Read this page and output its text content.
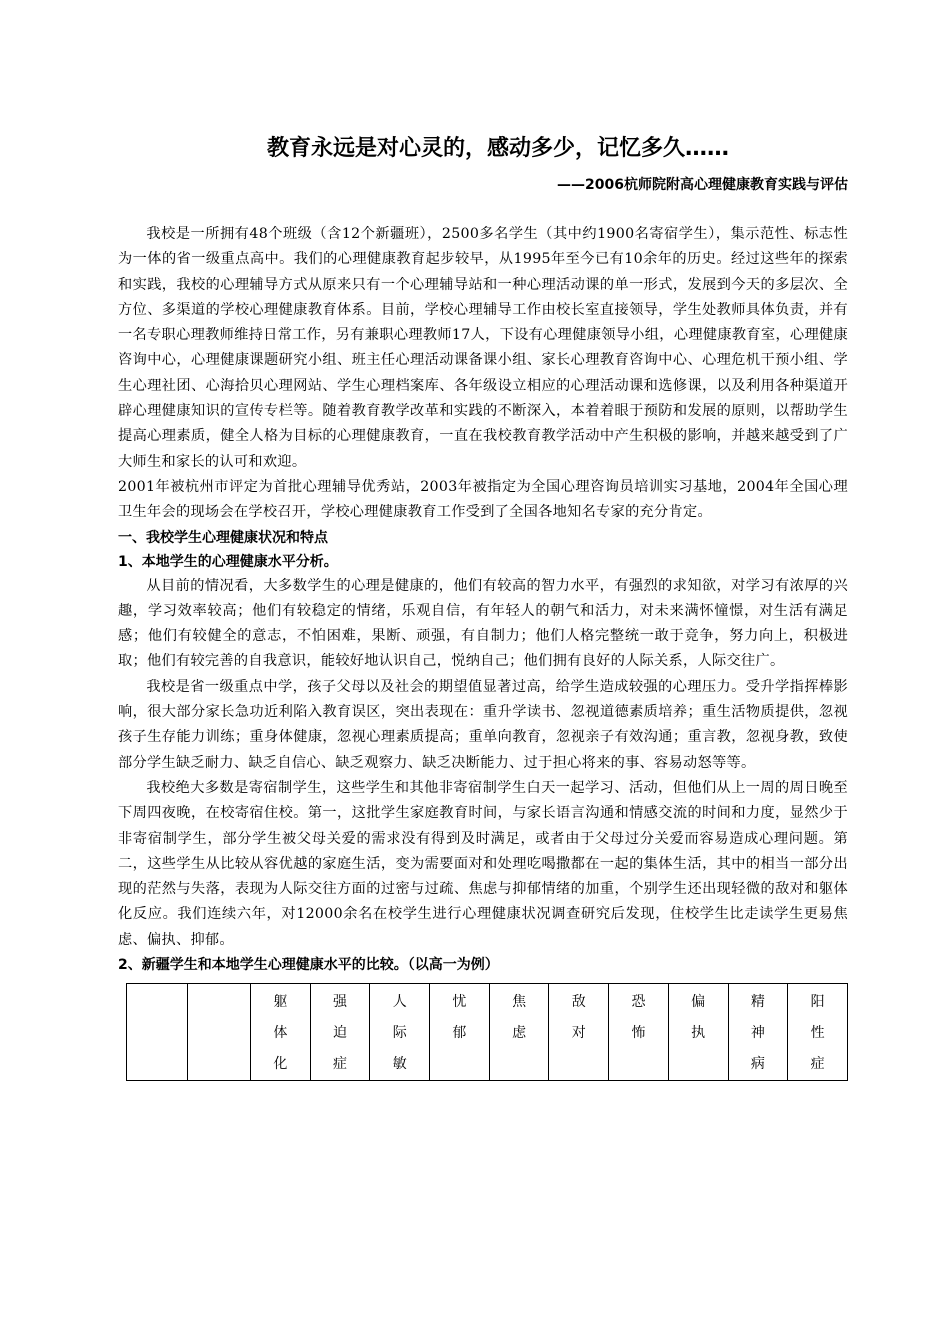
教育永远是对心灵的，感动多少，记忆多久……

——2006杭师院附高心理健康教育实践与评估

我校是一所拥有48个班级（含12个新疆班），2500多名学生（其中约1900名寄宿学生），集示范性、标志性为一体的省一级重点高中。我们的心理健康教育起步较早，从1995年至今已有10余年的历史。经过这些年的探索和实践，我校的心理辅导方式从原来只有一个心理辅导站和一种心理活动课的单一形式，发展到今天的多层次、全方位、多渠道的学校心理健康教育体系。目前，学校心理辅导工作由校长室直接领导，学生处教师具体负责，并有一名专职心理教师维持日常工作，另有兼职心理教师17人，下设有心理健康领导小组，心理健康教育室，心理健康咨询中心，心理健康课题研究小组、班主任心理活动课备课小组、家长心理教育咨询中心、心理危机干预小组、学生心理社团、心海拾贝心理网站、学生心理档案库、各年级设立相应的心理活动课和选修课，以及利用各种渠道开辟心理健康知识的宣传专栏等。随着教育教学改革和实践的不断深入，本着着眼于预防和发展的原则，以帮助学生提高心理素质，健全人格为目标的心理健康教育，一直在我校教育教学活动中产生积极的影响，并越来越受到了广大师生和家长的认可和欢迎。

2001年被杭州市评定为首批心理辅导优秀站，2003年被指定为全国心理咨询员培训实习基地，2004年全国心理卫生年会的现场会在学校召开，学校心理健康教育工作受到了全国各地知名专家的充分肯定。

一、我校学生心理健康状况和特点

1、本地学生的心理健康水平分析。

从目前的情况看，大多数学生的心理是健康的，他们有较高的智力水平，有强烈的求知欲，对学习有浓厚的兴趣，学习效率较高；他们有较稳定的情绪，乐观自信，有年轻人的朝气和活力，对未来满怀憧憬，对生活有满足感；他们有较健全的意志，不怕困难，果断、顽强，有自制力；他们人格完整统一敢于竞争，努力向上，积极进取；他们有较完善的自我意识，能较好地认识自己，悦纳自己；他们拥有良好的人际关系，人际交往广。

我校是省一级重点中学，孩子父母以及社会的期望值显著过高，给学生造成较强的心理压力。受升学指挥棒影响，很大部分家长急功近利陷入教育误区，突出表现在：重升学读书、忽视道德素质培养；重生活物质提供，忽视孩子生存能力训练；重身体健康，忽视心理素质提高；重单向教育，忽视亲子有效沟通；重言教，忽视身教，致使部分学生缺乏耐力、缺乏自信心、缺乏观察力、缺乏决断能力、过于担心将来的事、容易动怒等等。

我校绝大多数是寄宿制学生，这些学生和其他非寄宿制学生白天一起学习、活动，但他们从上一周的周日晚至下周四夜晚，在校寄宿住校。第一，这批学生家庭教育时间，与家长语言沟通和情感交流的时间和力度，显然少于非寄宿制学生，部分学生被父母关爱的需求没有得到及时满足，或者由于父母过分关爱而容易造成心理问题。第二，这些学生从比较从容优越的家庭生活，变为需要面对和处理吃喝撒都在一起的集体生活，其中的相当一部分出现的茫然与失落，表现为人际交往方面的过密与过疏、焦虑与抑郁情绪的加重，个别学生还出现轻微的敌对和躯体化反应。我们连续六年，对12000余名在校学生进行心理健康状况调查研究后发现，住校学生比走读学生更易焦虑、偏执、抑郁。

2、新疆学生和本地学生心理健康水平的比较。（以高一为例）

		躯体化	强迫症	人际敏	忧郁	焦虑	敌对	恐怖	偏执	精神病	阳性症
